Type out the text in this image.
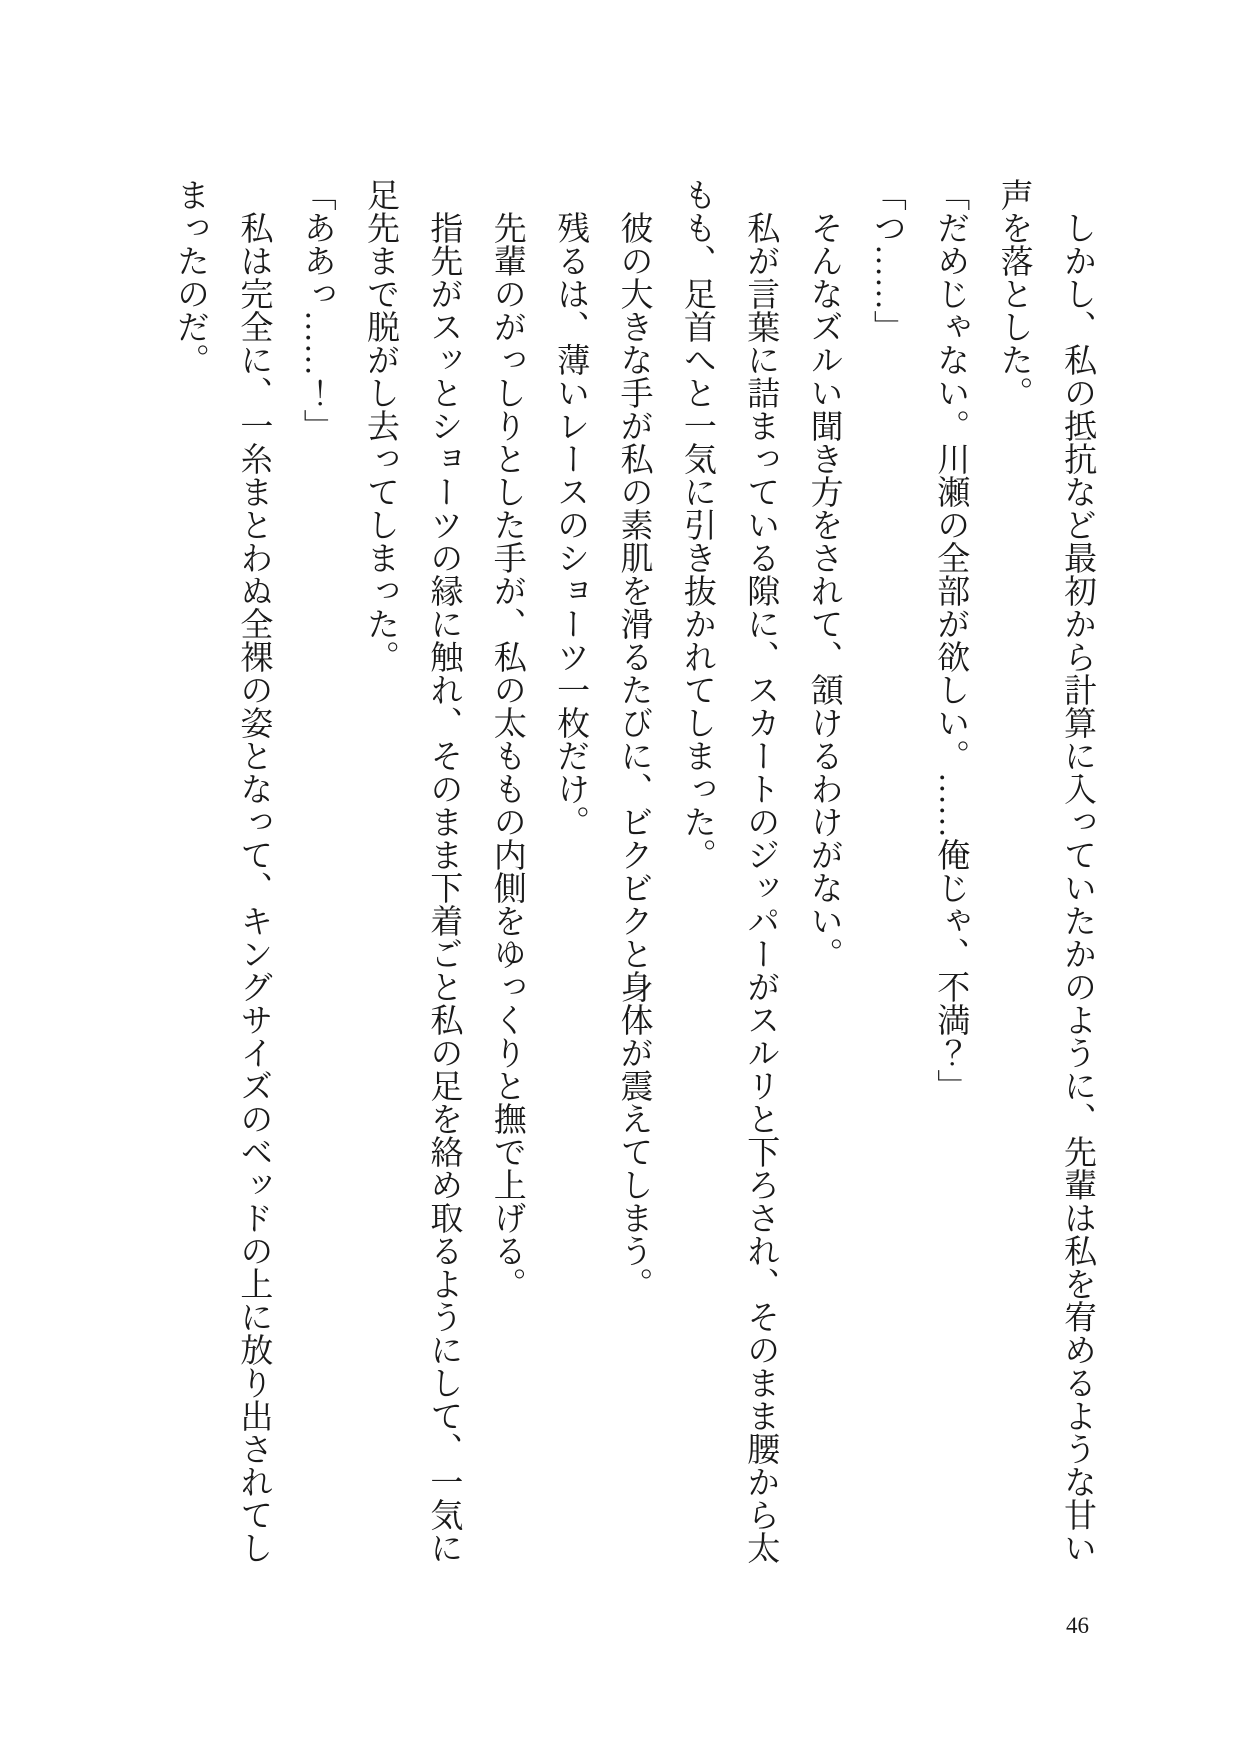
しかし、私の抵抗など最初から計算に入っていたかのように、先輩は私を宥めるような甘い声を落とした。

「だめじゃない。川瀬の全部が欲しい。……俺じゃ、不満？」

「つ……」

そんなズルい聞き方をされて、頷けるわけがない。

私が言葉に詰まっている隙に、スカートのジッパーがスルリと下ろされ、そのまま腰から太もも、足首へと一気に引き抜かれてしまった。

彼の大きな手が私の素肌を滑るたびに、ビクビクと身体が震えてしまう。

残るは、薄いレースのショーツ一枚だけ。

先輩のがっしりとした手が、私の太ももの内側をゆっくりと撫で上げる。

指先がスッとショーツの縁に触れ、そのまま下着ごと私の足を絡め取るようにして、一気に足先まで脱がし去ってしまった。

「ああっ……！」

私は完全に、一糸まとわぬ全裸の姿となって、キングサイズのベッドの上に放り出されてしまったのだ。

46
